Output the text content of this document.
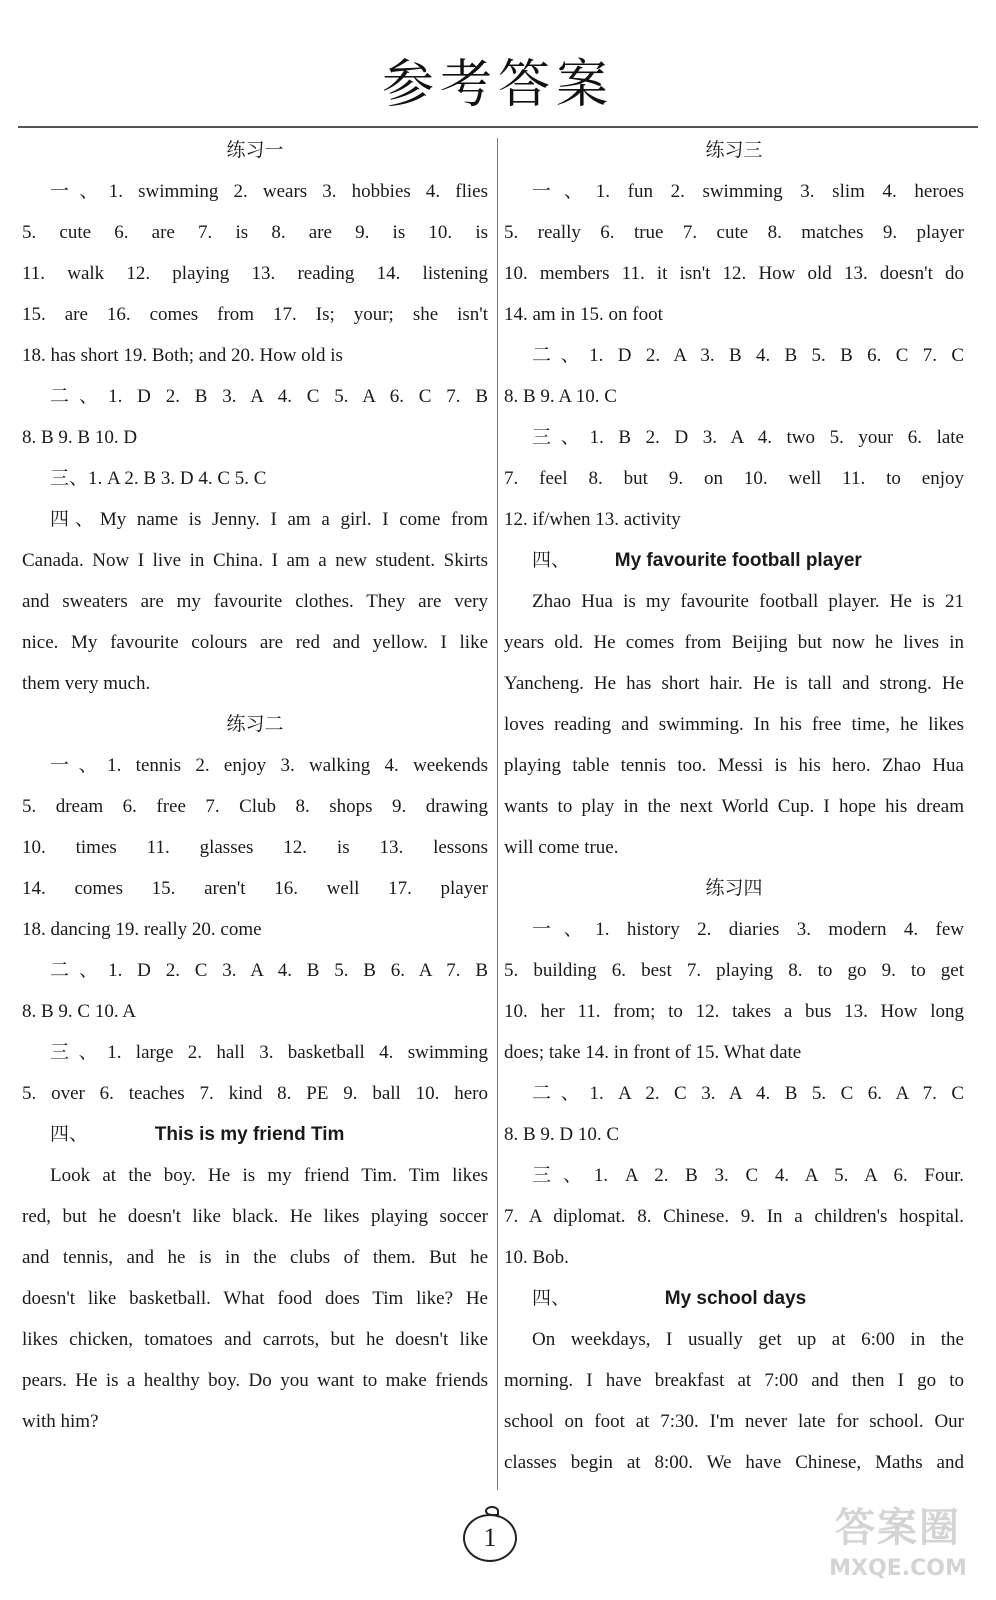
参考答案
练习一
一、1. swimming 2. wears 3. hobbies 4. flies
5. cute 6. are 7. is 8. are 9. is 10. is
11. walk 12. playing 13. reading 14. listening
15. are 16. comes from 17. Is; your; she isn't
18. has short 19. Both; and 20. How old is
二、1. D 2. B 3. A 4. C 5. A 6. C 7. B
8. B 9. B 10. D
三、1. A 2. B 3. D 4. C 5. C
四、My name is Jenny. I am a girl. I come from
Canada. Now I live in China. I am a new student. Skirts
and sweaters are my favourite clothes. They are very
nice. My favourite colours are red and yellow. I like
them very much.
练习二
一、1. tennis 2. enjoy 3. walking 4. weekends
5. dream 6. free 7. Club 8. shops 9. drawing
10. times 11. glasses 12. is 13. lessons
14. comes 15. aren't 16. well 17. player
18. dancing 19. really 20. come
二、1. D 2. C 3. A 4. B 5. B 6. A 7. B
8. B 9. C 10. A
三、1. large 2. hall 3. basketball 4. swimming
5. over 6. teaches 7. kind 8. PE 9. ball 10. hero
四、	This is my friend Tim
Look at the boy. He is my friend Tim. Tim likes
red, but he doesn't like black. He likes playing soccer
and tennis, and he is in the clubs of them. But he
doesn't like basketball. What food does Tim like? He
likes chicken, tomatoes and carrots, but he doesn't like
pears. He is a healthy boy. Do you want to make friends
with him?
练习三
一、1. fun 2. swimming 3. slim 4. heroes
5. really 6. true 7. cute 8. matches 9. player
10. members 11. it isn't 12. How old 13. doesn't do
14. am in 15. on foot
二、1. D 2. A 3. B 4. B 5. B 6. C 7. C
8. B 9. A 10. C
三、1. B 2. D 3. A 4. two 5. your 6. late
7. feel 8. but 9. on 10. well 11. to enjoy
12. if/when 13. activity
四、 My favourite football player
Zhao Hua is my favourite football player. He is 21
years old. He comes from Beijing but now he lives in
Yancheng. He has short hair. He is tall and strong. He
loves reading and swimming. In his free time, he likes
playing table tennis too. Messi is his hero. Zhao Hua
wants to play in the next World Cup. I hope his dream
will come true.
练习四
一、1. history 2. diaries 3. modern 4. few
5. building 6. best 7. playing 8. to go 9. to get
10. her 11. from; to 12. takes a bus 13. How long
does; take 14. in front of 15. What date
二、1. A 2. C 3. A 4. B 5. C 6. A 7. C
8. B 9. D 10. C
三、1. A 2. B 3. C 4. A 5. A 6. Four.
7. A diplomat. 8. Chinese. 9. In a children's hospital.
10. Bob.
四、	My school days
On weekdays, I usually get up at 6:00 in the
morning. I have breakfast at 7:00 and then I go to
school on foot at 7:30. I'm never late for school. Our
classes begin at 8:00. We have Chinese, Maths and
1	答案圈
MXQE.COM
